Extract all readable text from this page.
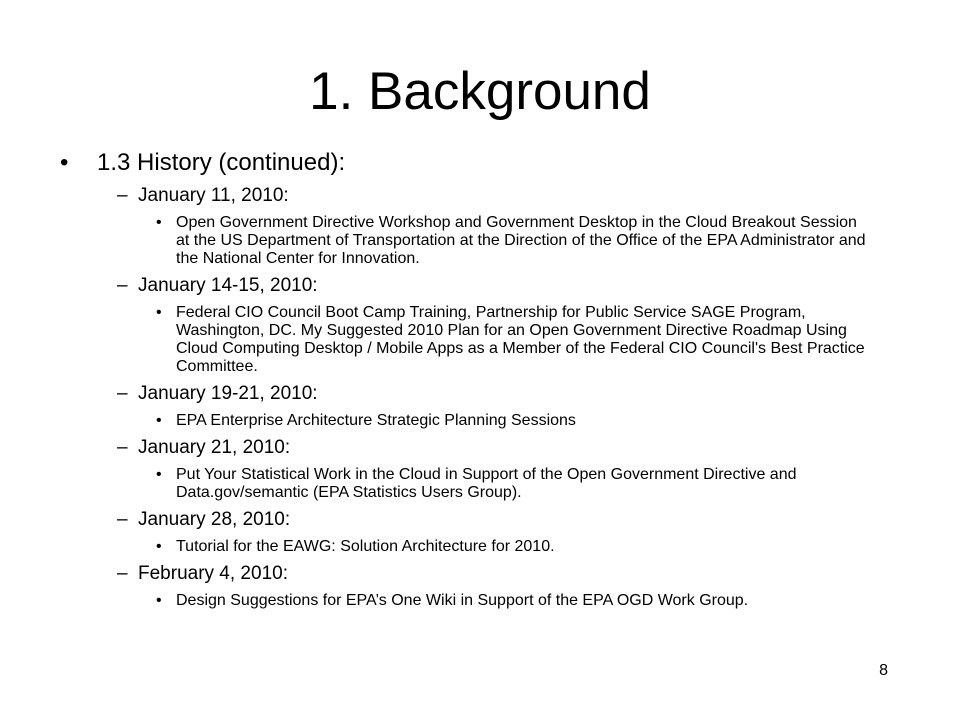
1. Background
•	1.3 History (continued):
– January 11, 2010:
• Open Government Directive Workshop and Government Desktop in the Cloud Breakout Session at the US Department of Transportation at the Direction of the Office of the EPA Administrator and the National Center for Innovation.
– January 14-15, 2010:
• Federal CIO Council Boot Camp Training, Partnership for Public Service SAGE Program, Washington, DC. My Suggested 2010 Plan for an Open Government Directive Roadmap Using Cloud Computing Desktop / Mobile Apps as a Member of the Federal CIO Council's Best Practice Committee.
– January 19-21, 2010:
• EPA Enterprise Architecture Strategic Planning Sessions
– January 21, 2010:
• Put Your Statistical Work in the Cloud in Support of the Open Government Directive and Data.gov/semantic (EPA Statistics Users Group).
– January 28, 2010:
• Tutorial for the EAWG: Solution Architecture for 2010.
– February 4, 2010:
• Design Suggestions for EPA’s One Wiki in Support of the EPA OGD Work Group.
8
